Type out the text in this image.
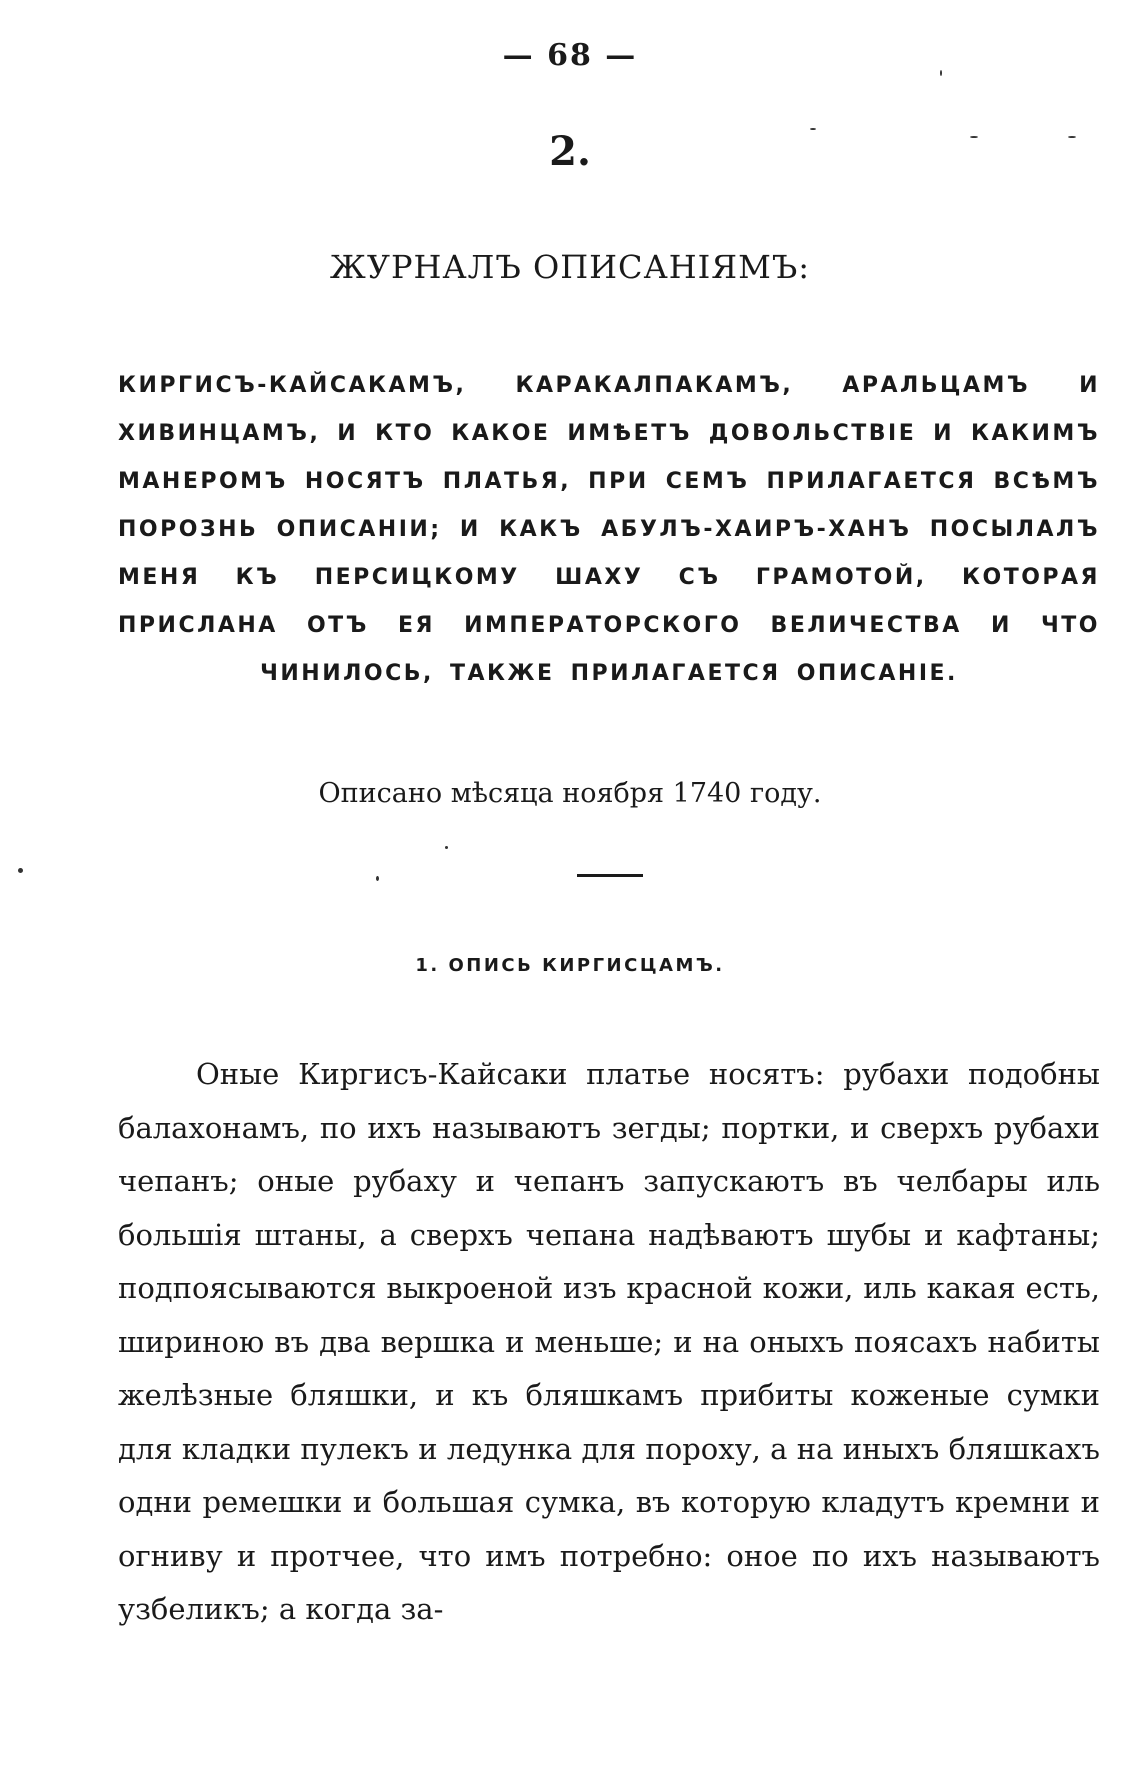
— 68 —
2.
ЖУРНАЛЪ ОПИСАНІЯМЪ:
КИРГИСЪ-КАЙСАКАМЪ, КАРАКАЛПАКАМЪ, АРАЛЬЦАМЪ И ХИВИНЦАМЪ, И КТО КАКОЕ ИМѢЕТЪ ДОВОЛЬСТВІЕ И КАКИМЪ МАНЕРОМЪ НОСЯТЪ ПЛАТЬЯ, ПРИ СЕМЪ ПРИЛАГАЕТСЯ ВСѢМЪ ПОРОЗНЬ ОПИСАНІИ; И КАКЪ АБУЛЪ-ХАИРЪ-ХАНЪ ПОСЫЛАЛЪ МЕНЯ КЪ ПЕРСИЦКОМУ ШАХУ СЪ ГРАМОТОЙ, КОТОРАЯ ПРИСЛАНА ОТЪ ЕЯ ИМПЕРАТОРСКОГО ВЕЛИЧЕСТВА И ЧТО ЧИНИЛОСЬ, ТАКЖЕ ПРИЛАГАЕТСЯ ОПИСАНІЕ.
Описано мѣсяца ноября 1740 году.
1. ОПИСЬ КИРГИСЦАМЪ.

Оные Киргисъ-Кайсаки платье носятъ: рубахи подобны балахонамъ, по ихъ называютъ зегды; портки, и сверхъ рубахи чепанъ; оные рубаху и чепанъ запускаютъ въ челбары иль большія штаны, а сверхъ чепана надѣваютъ шубы и кафтаны; подпоясываются выкроеной изъ красной кожи, иль какая есть, шириною въ два вершка и меньше; и на оныхъ поясахъ набиты желѣзные бляшки, и къ бляшкамъ прибиты коженые сумки для кладки пулекъ и ледунка для пороху, а на иныхъ бляшкахъ одни ремешки и большая сумка, въ которую кладутъ кремни и огниву и протчее, что имъ потребно: оное по ихъ называютъ узбеликъ; а когда за-
